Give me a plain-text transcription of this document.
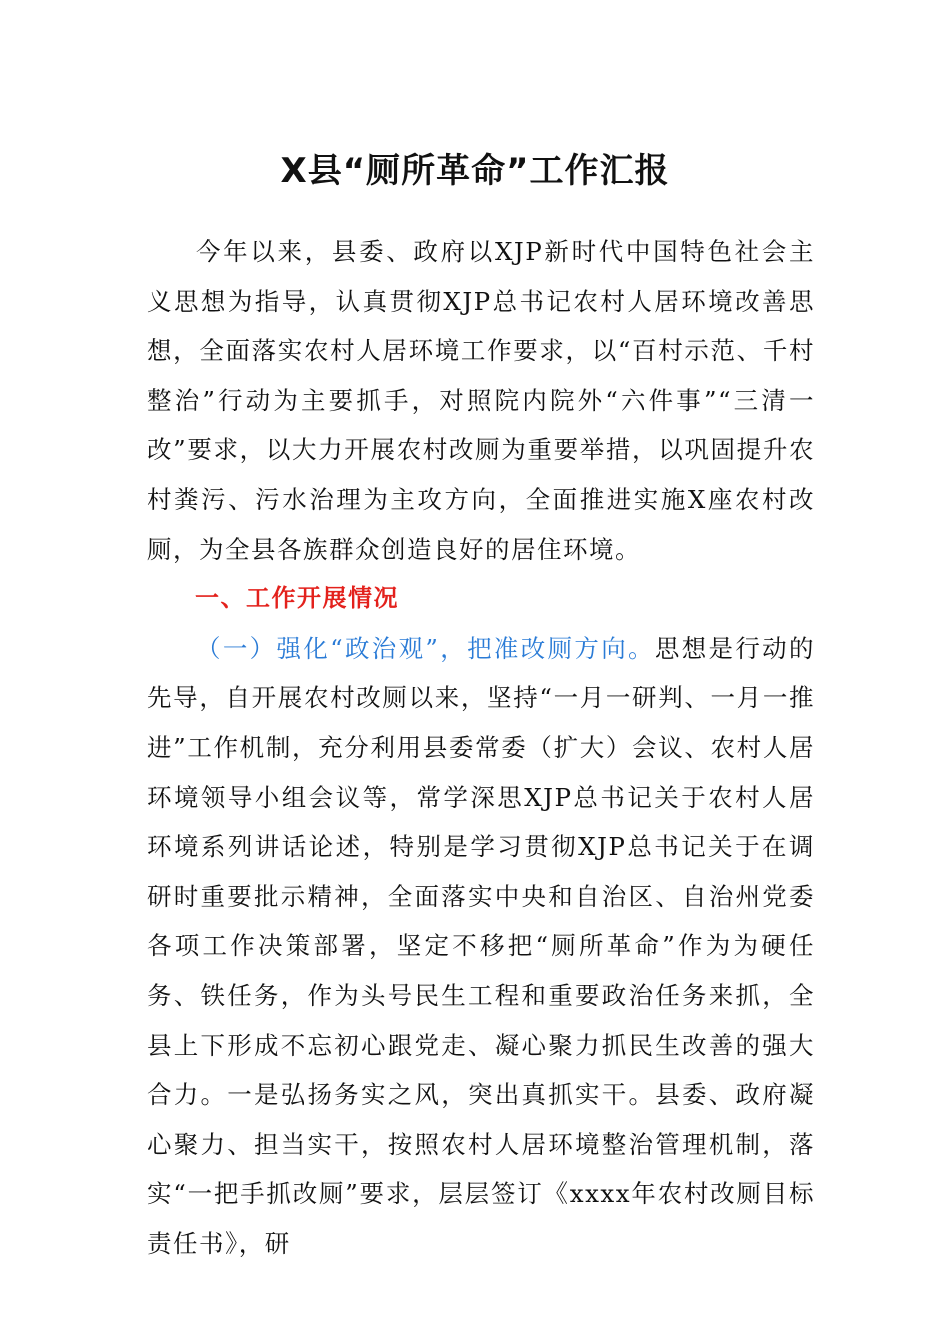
X县“厕所革命”工作汇报

今年以来，县委、政府以XJP新时代中国特色社会主义思想为指导，认真贯彻XJP总书记农村人居环境改善思想，全面落实农村人居环境工作要求，以“百村示范、千村整治”行动为主要抓手，对照院内院外“六件事”“三清一改”要求，以大力开展农村改厕为重要举措，以巩固提升农村粪污、污水治理为主攻方向，全面推进实施X座农村改厕，为全县各族群众创造良好的居住环境。

一、工作开展情况

（一）强化“政治观”，把准改厕方向。思想是行动的先导，自开展农村改厕以来，坚持“一月一研判、一月一推进”工作机制，充分利用县委常委（扩大）会议、农村人居环境领导小组会议等，常学深思XJP总书记关于农村人居环境系列讲话论述，特别是学习贯彻XJP总书记关于在调研时重要批示精神，全面落实中央和自治区、自治州党委各项工作决策部署，坚定不移把“厕所革命”作为为硬任务、铁任务，作为头号民生工程和重要政治任务来抓，全县上下形成不忘初心跟党走、凝心聚力抓民生改善的强大合力。一是弘扬务实之风，突出真抓实干。县委、政府凝心聚力、担当实干，按照农村人居环境整治管理机制，落实“一把手抓改厕”要求，层层签订《xxxx年农村改厕目标责任书》，研
